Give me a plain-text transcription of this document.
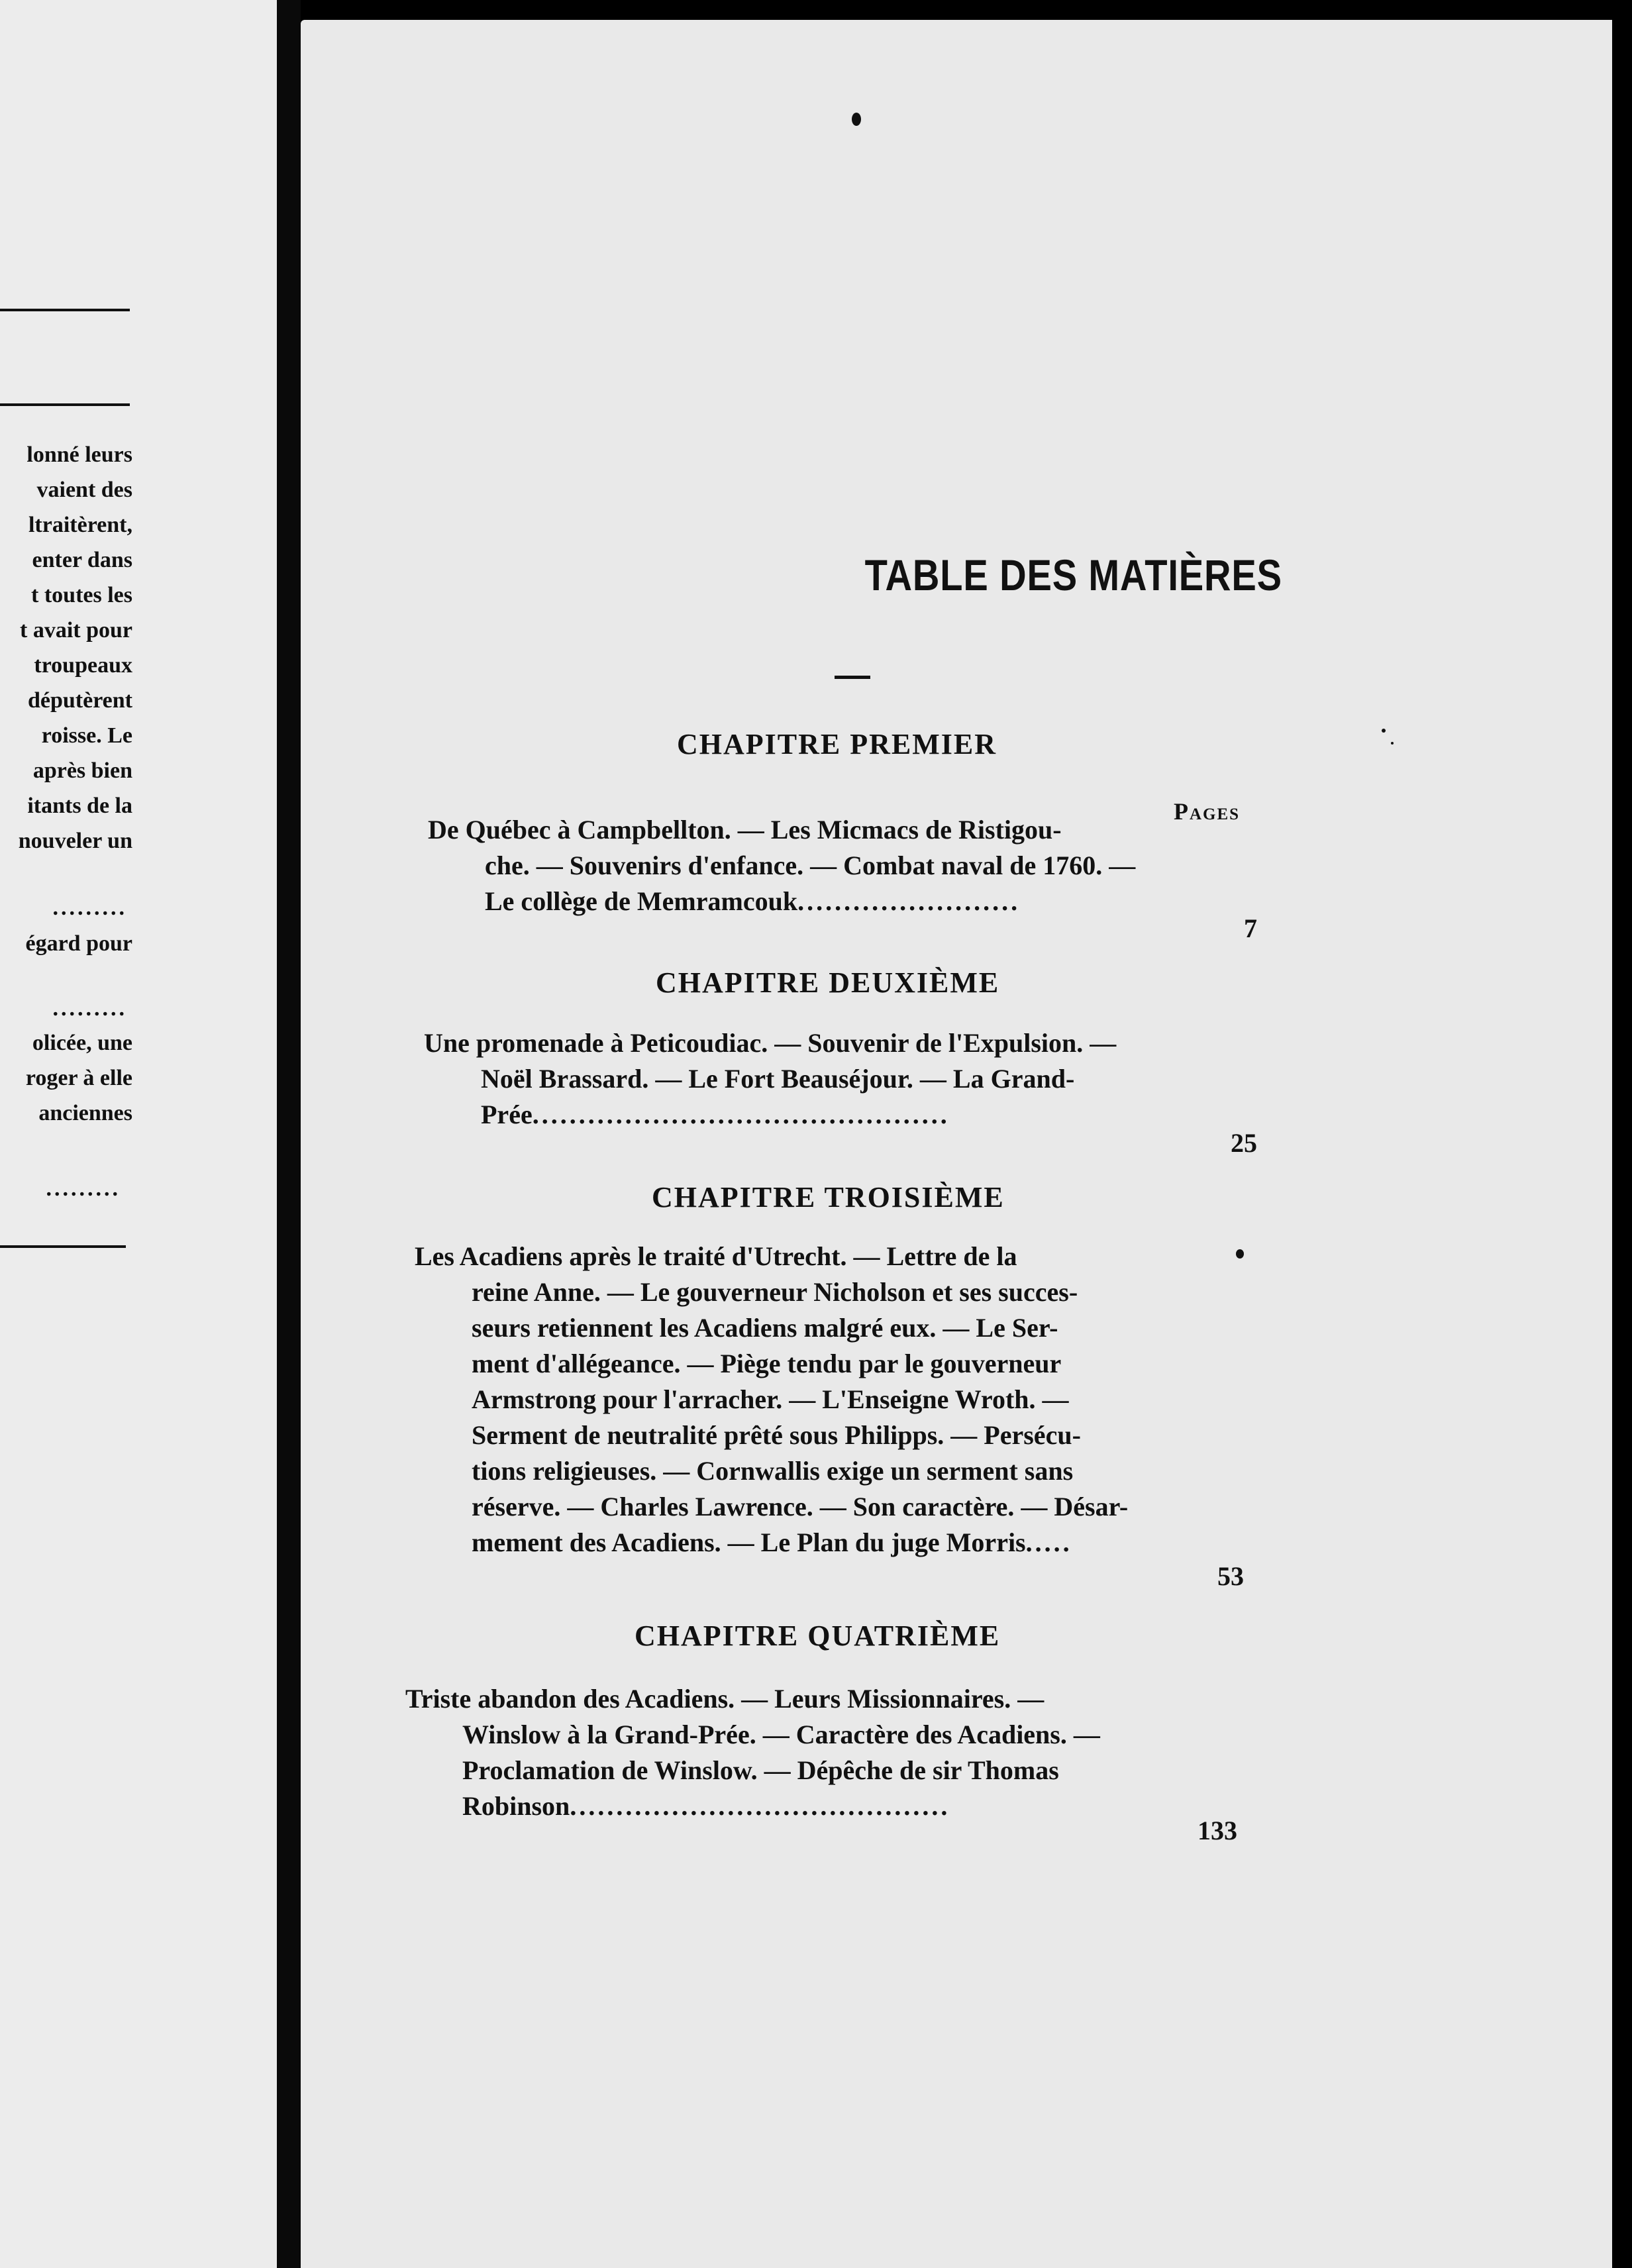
lonné leurs
vaient des
ltraitèrent,
enter dans
t toutes les
t avait pour
troupeaux
députèrent
roisse. Le
après bien
itants de la
nouveler un
.........
égard pour
.........
olicée, une
roger à elle
anciennes
.........
TABLE DES MATIÈRES
CHAPITRE PREMIER
Pages
De Québec à Campbellton. — Les Micmacs de Ristigou-
che. — Souvenirs d'enfance. — Combat naval de 1760. —
Le collège de Memramcouk........................
7
CHAPITRE DEUXIÈME
Une promenade à Peticoudiac. — Souvenir de l'Expulsion. —
Noël Brassard. — Le Fort Beauséjour. — La Grand-
Prée.............................................
25
CHAPITRE TROISIÈME
Les Acadiens après le traité d'Utrecht. — Lettre de la
reine Anne. — Le gouverneur Nicholson et ses succes-
seurs retiennent les Acadiens malgré eux. — Le Ser-
ment d'allégeance. — Piège tendu par le gouverneur
Armstrong pour l'arracher. — L'Enseigne Wroth. —
Serment de neutralité prêté sous Philipps. — Persécu-
tions religieuses. — Cornwallis exige un serment sans
réserve. — Charles Lawrence. — Son caractère. — Désar-
mement des Acadiens. — Le Plan du juge Morris.....
53
CHAPITRE QUATRIÈME
Triste abandon des Acadiens. — Leurs Missionnaires. —
Winslow à la Grand-Prée. — Caractère des Acadiens. —
Proclamation de Winslow. — Dépêche de sir Thomas
Robinson.........................................
133
